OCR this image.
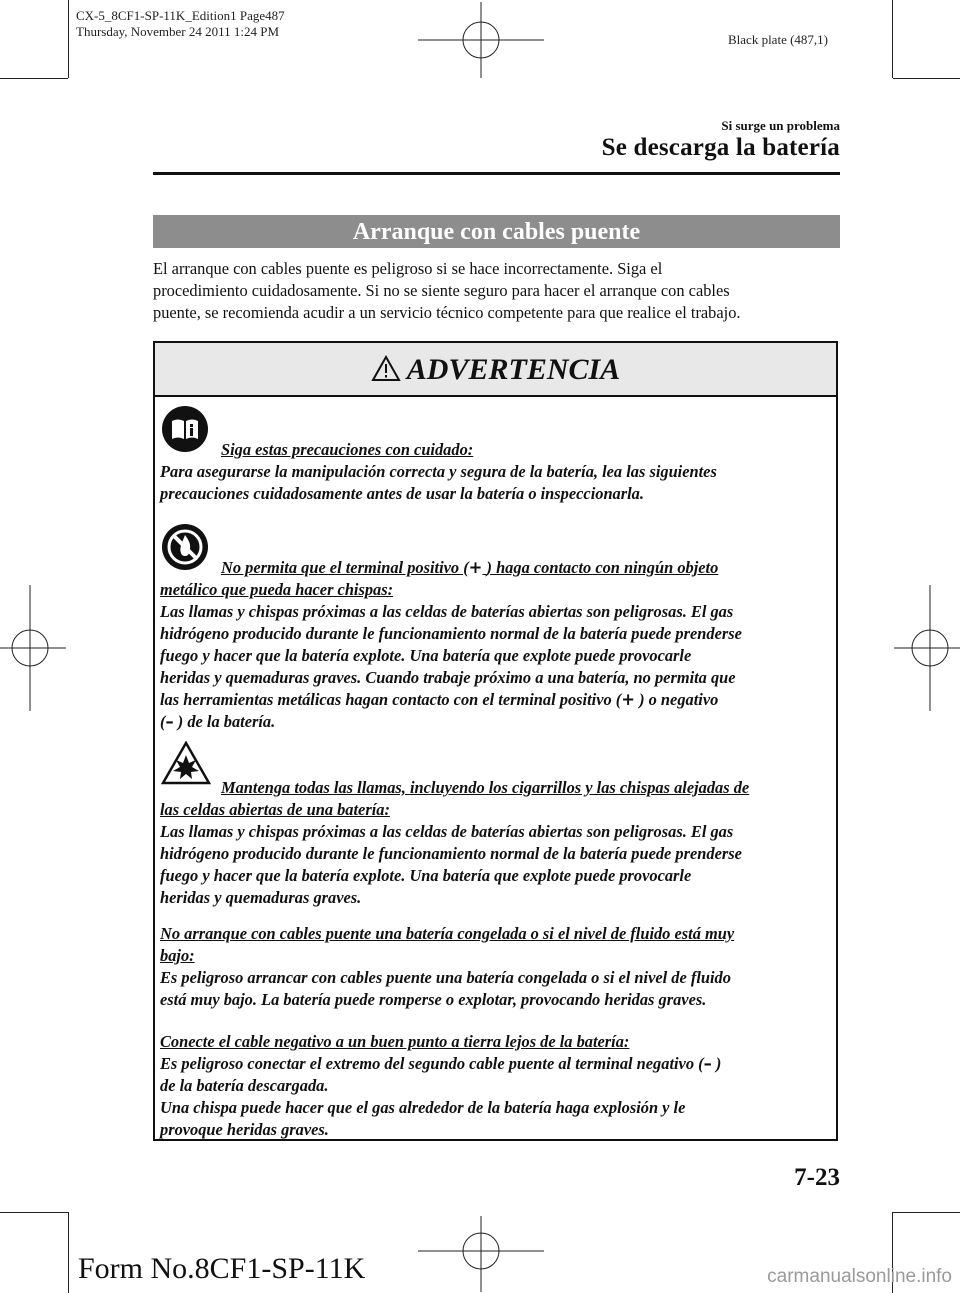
CX-5_8CF1-SP-11K_Edition1 Page487
Thursday, November 24 2011 1:24 PM
Black plate (487,1)
Si surge un problema
Se descarga la batería
Arranque con cables puente

El arranque con cables puente es peligroso si se hace incorrectamente. Siga el

procedimiento cuidadosamente. Si no se siente seguro para hacer el arranque con cables

puente, se recomienda acudir a un servicio técnico competente para que realice el trabajo.

ADVERTENCIA
Siga estas precauciones con cuidado:
Para asegurarse la manipulación correcta y segura de la batería, lea las siguientes
precauciones cuidadosamente antes de usar la batería o inspeccionarla.
No permita que el terminal positivo (+ ) haga contacto con ningún objeto
metálico que pueda hacer chispas:
Las llamas y chispas próximas a las celdas de baterías abiertas son peligrosas. El gas
hidrógeno producido durante le funcionamiento normal de la batería puede prenderse
fuego y hacer que la batería explote. Una batería que explote puede provocarle
heridas y quemaduras graves. Cuando trabaje próximo a una batería, no permita que
las herramientas metálicas hagan contacto con el terminal positivo (+ ) o negativo
(– ) de la batería.
Mantenga todas las llamas, incluyendo los cigarrillos y las chispas alejadas de
las celdas abiertas de una batería:
Las llamas y chispas próximas a las celdas de baterías abiertas son peligrosas. El gas
hidrógeno producido durante le funcionamiento normal de la batería puede prenderse
fuego y hacer que la batería explote. Una batería que explote puede provocarle
heridas y quemaduras graves.
No arranque con cables puente una batería congelada o si el nivel de fluido está muy
bajo:
Es peligroso arrancar con cables puente una batería congelada o si el nivel de fluido
está muy bajo. La batería puede romperse o explotar, provocando heridas graves.
Conecte el cable negativo a un buen punto a tierra lejos de la batería:
Es peligroso conectar el extremo del segundo cable puente al terminal negativo (– )
de la batería descargada.
Una chispa puede hacer que el gas alrededor de la batería haga explosión y le
provoque heridas graves.
7-23
Form No.8CF1-SP-11K	carmanualsonline.info
